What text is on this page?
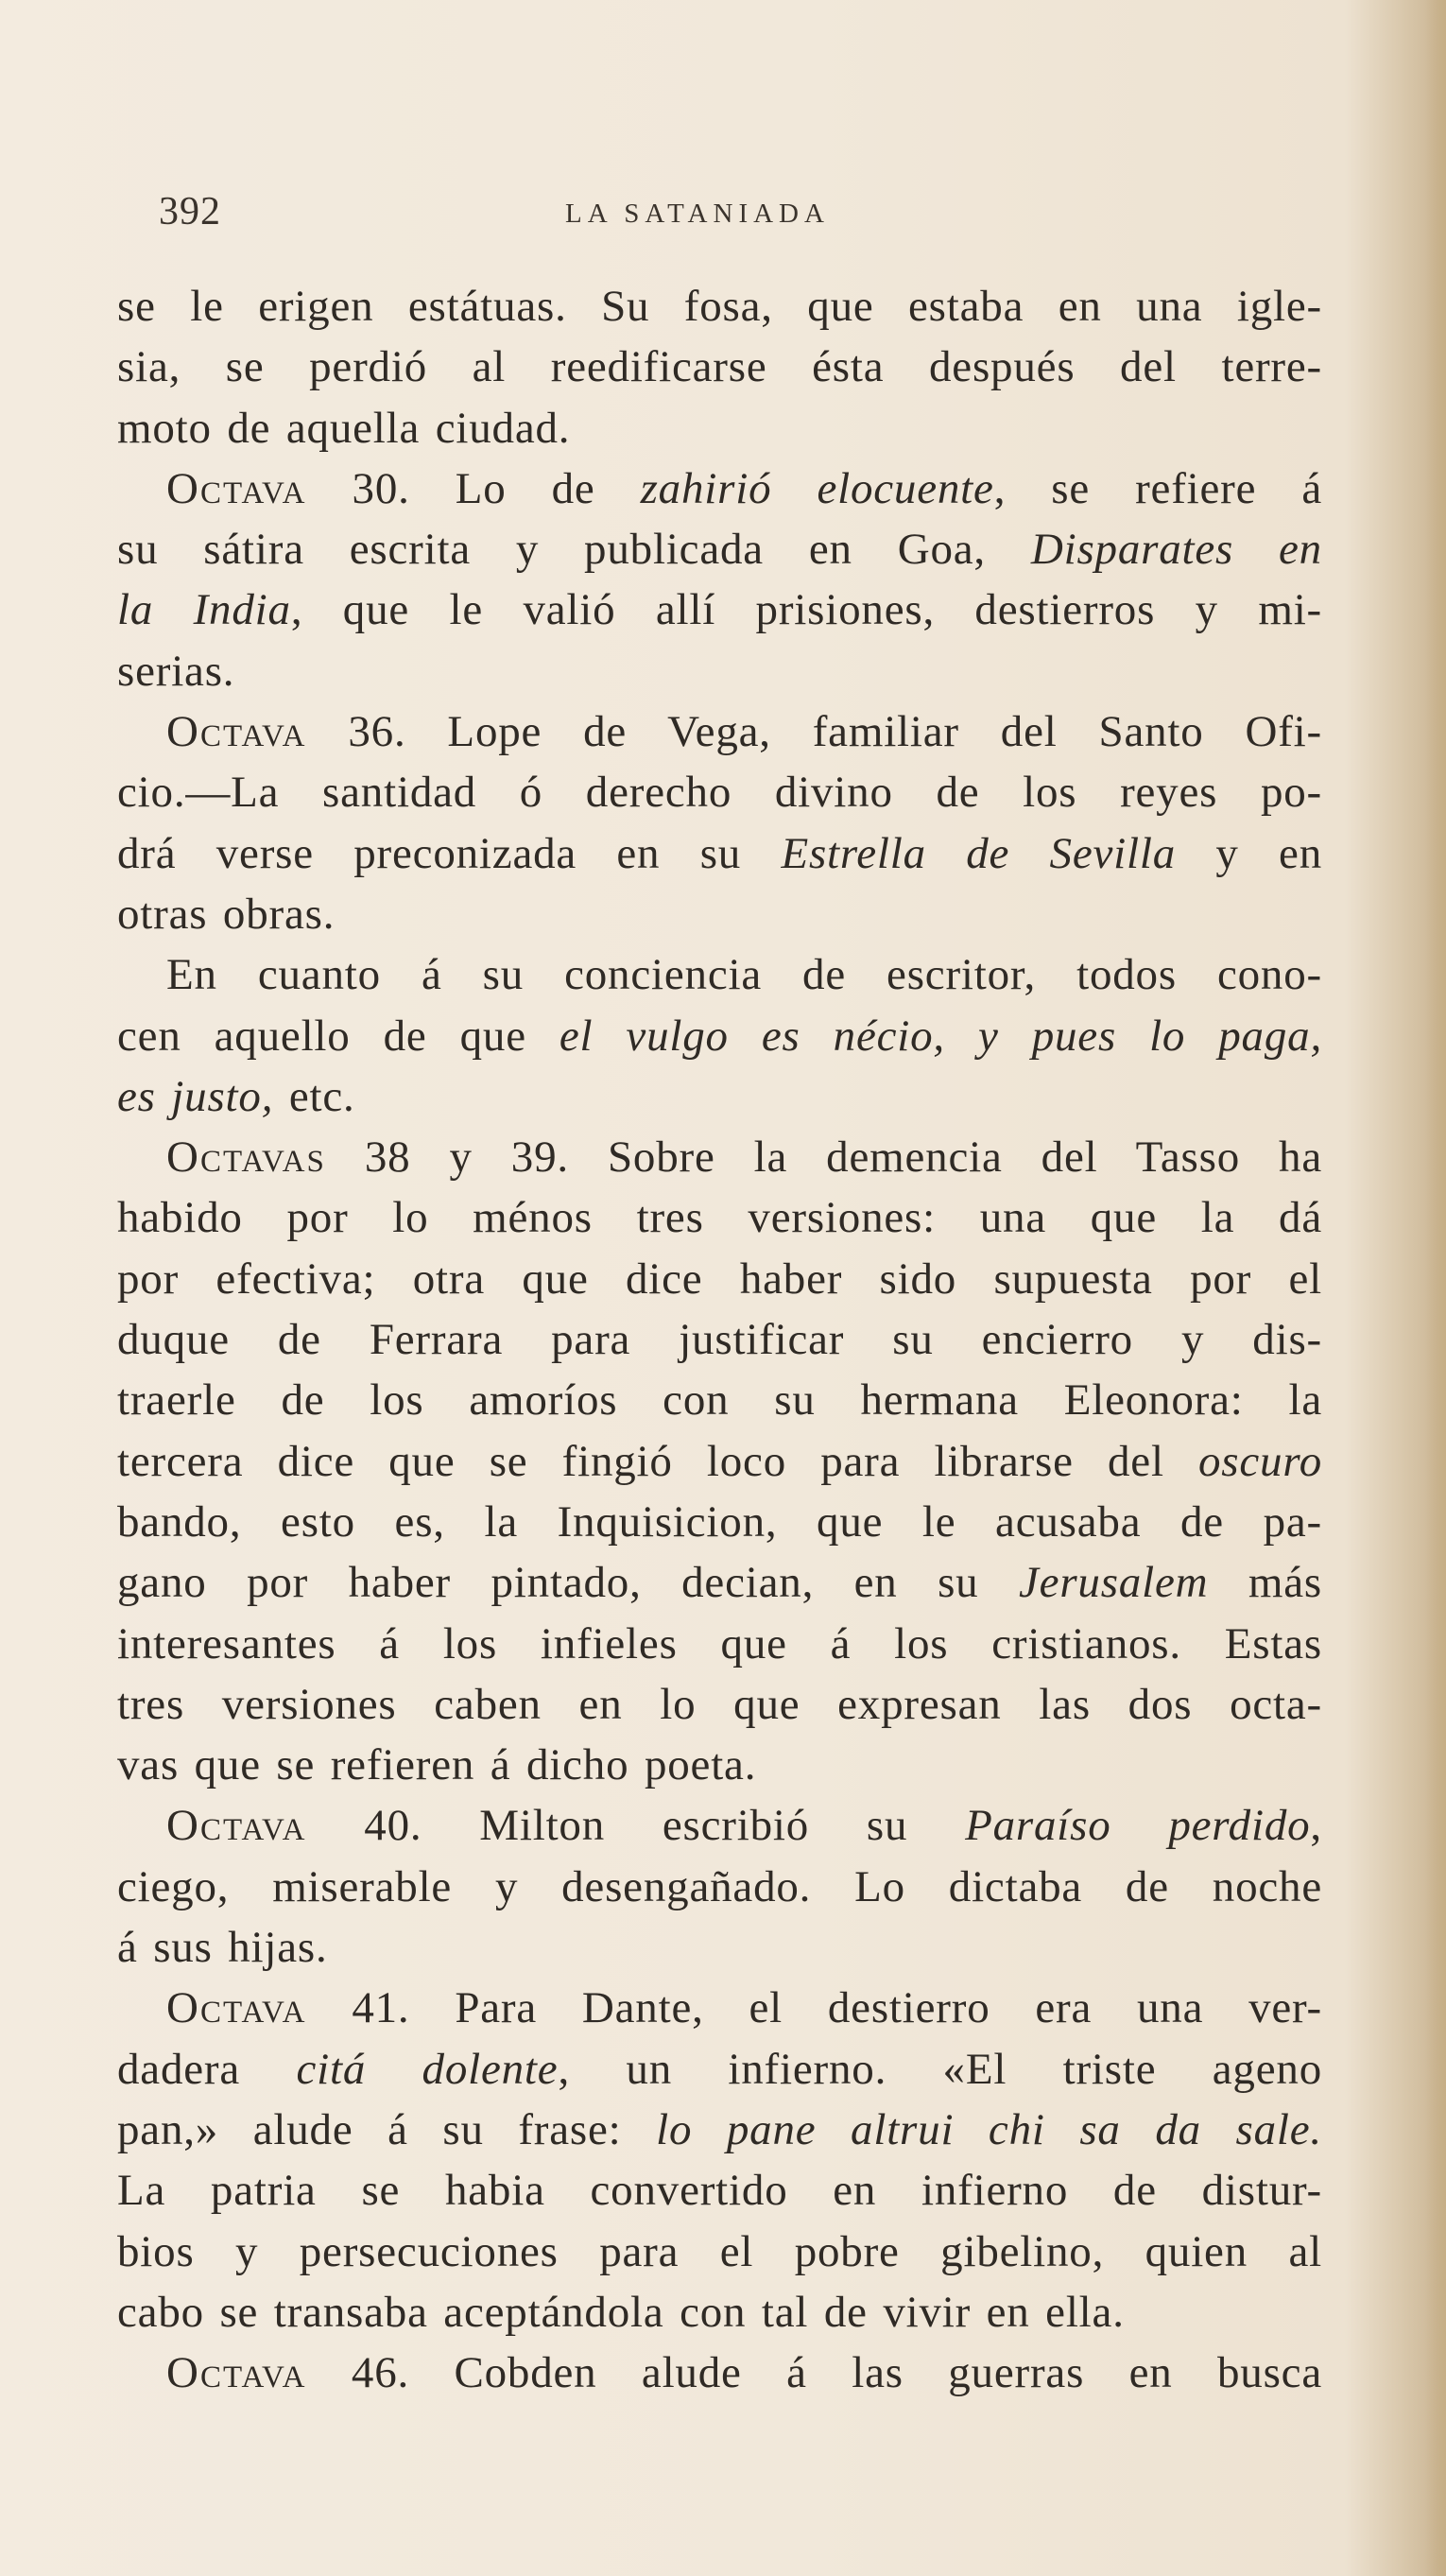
392	LA SATANIADA
se le erigen estátuas. Su fosa, que estaba en una igle-
sia, se perdió al reedificarse ésta después del terre-
moto de aquella ciudad.
Octava 30. Lo de zahirió elocuente, se refiere á
su sátira escrita y publicada en Goa, Disparates en
la India, que le valió allí prisiones, destierros y mi-
serias.
Octava 36. Lope de Vega, familiar del Santo Ofi-
cio.—La santidad ó derecho divino de los reyes po-
drá verse preconizada en su Estrella de Sevilla y en
otras obras.
En cuanto á su conciencia de escritor, todos cono-
cen aquello de que el vulgo es nécio, y pues lo paga,
es justo, etc.
Octavas 38 y 39. Sobre la demencia del Tasso ha
habido por lo ménos tres versiones: una que la dá
por efectiva; otra que dice haber sido supuesta por el
duque de Ferrara para justificar su encierro y dis-
traerle de los amoríos con su hermana Eleonora: la
tercera dice que se fingió loco para librarse del oscuro
bando, esto es, la Inquisicion, que le acusaba de pa-
gano por haber pintado, decian, en su Jerusalem más
interesantes á los infieles que á los cristianos. Estas
tres versiones caben en lo que expresan las dos octa-
vas que se refieren á dicho poeta.
Octava 40. Milton escribió su Paraíso perdido,
ciego, miserable y desengañado. Lo dictaba de noche
á sus hijas.
Octava 41. Para Dante, el destierro era una ver-
dadera citá dolente, un infierno. «El triste ageno
pan,» alude á su frase: lo pane altrui chi sa da sale.
La patria se habia convertido en infierno de distur-
bios y persecuciones para el pobre gibelino, quien al
cabo se transaba aceptándola con tal de vivir en ella.
Octava 46. Cobden alude á las guerras en busca
